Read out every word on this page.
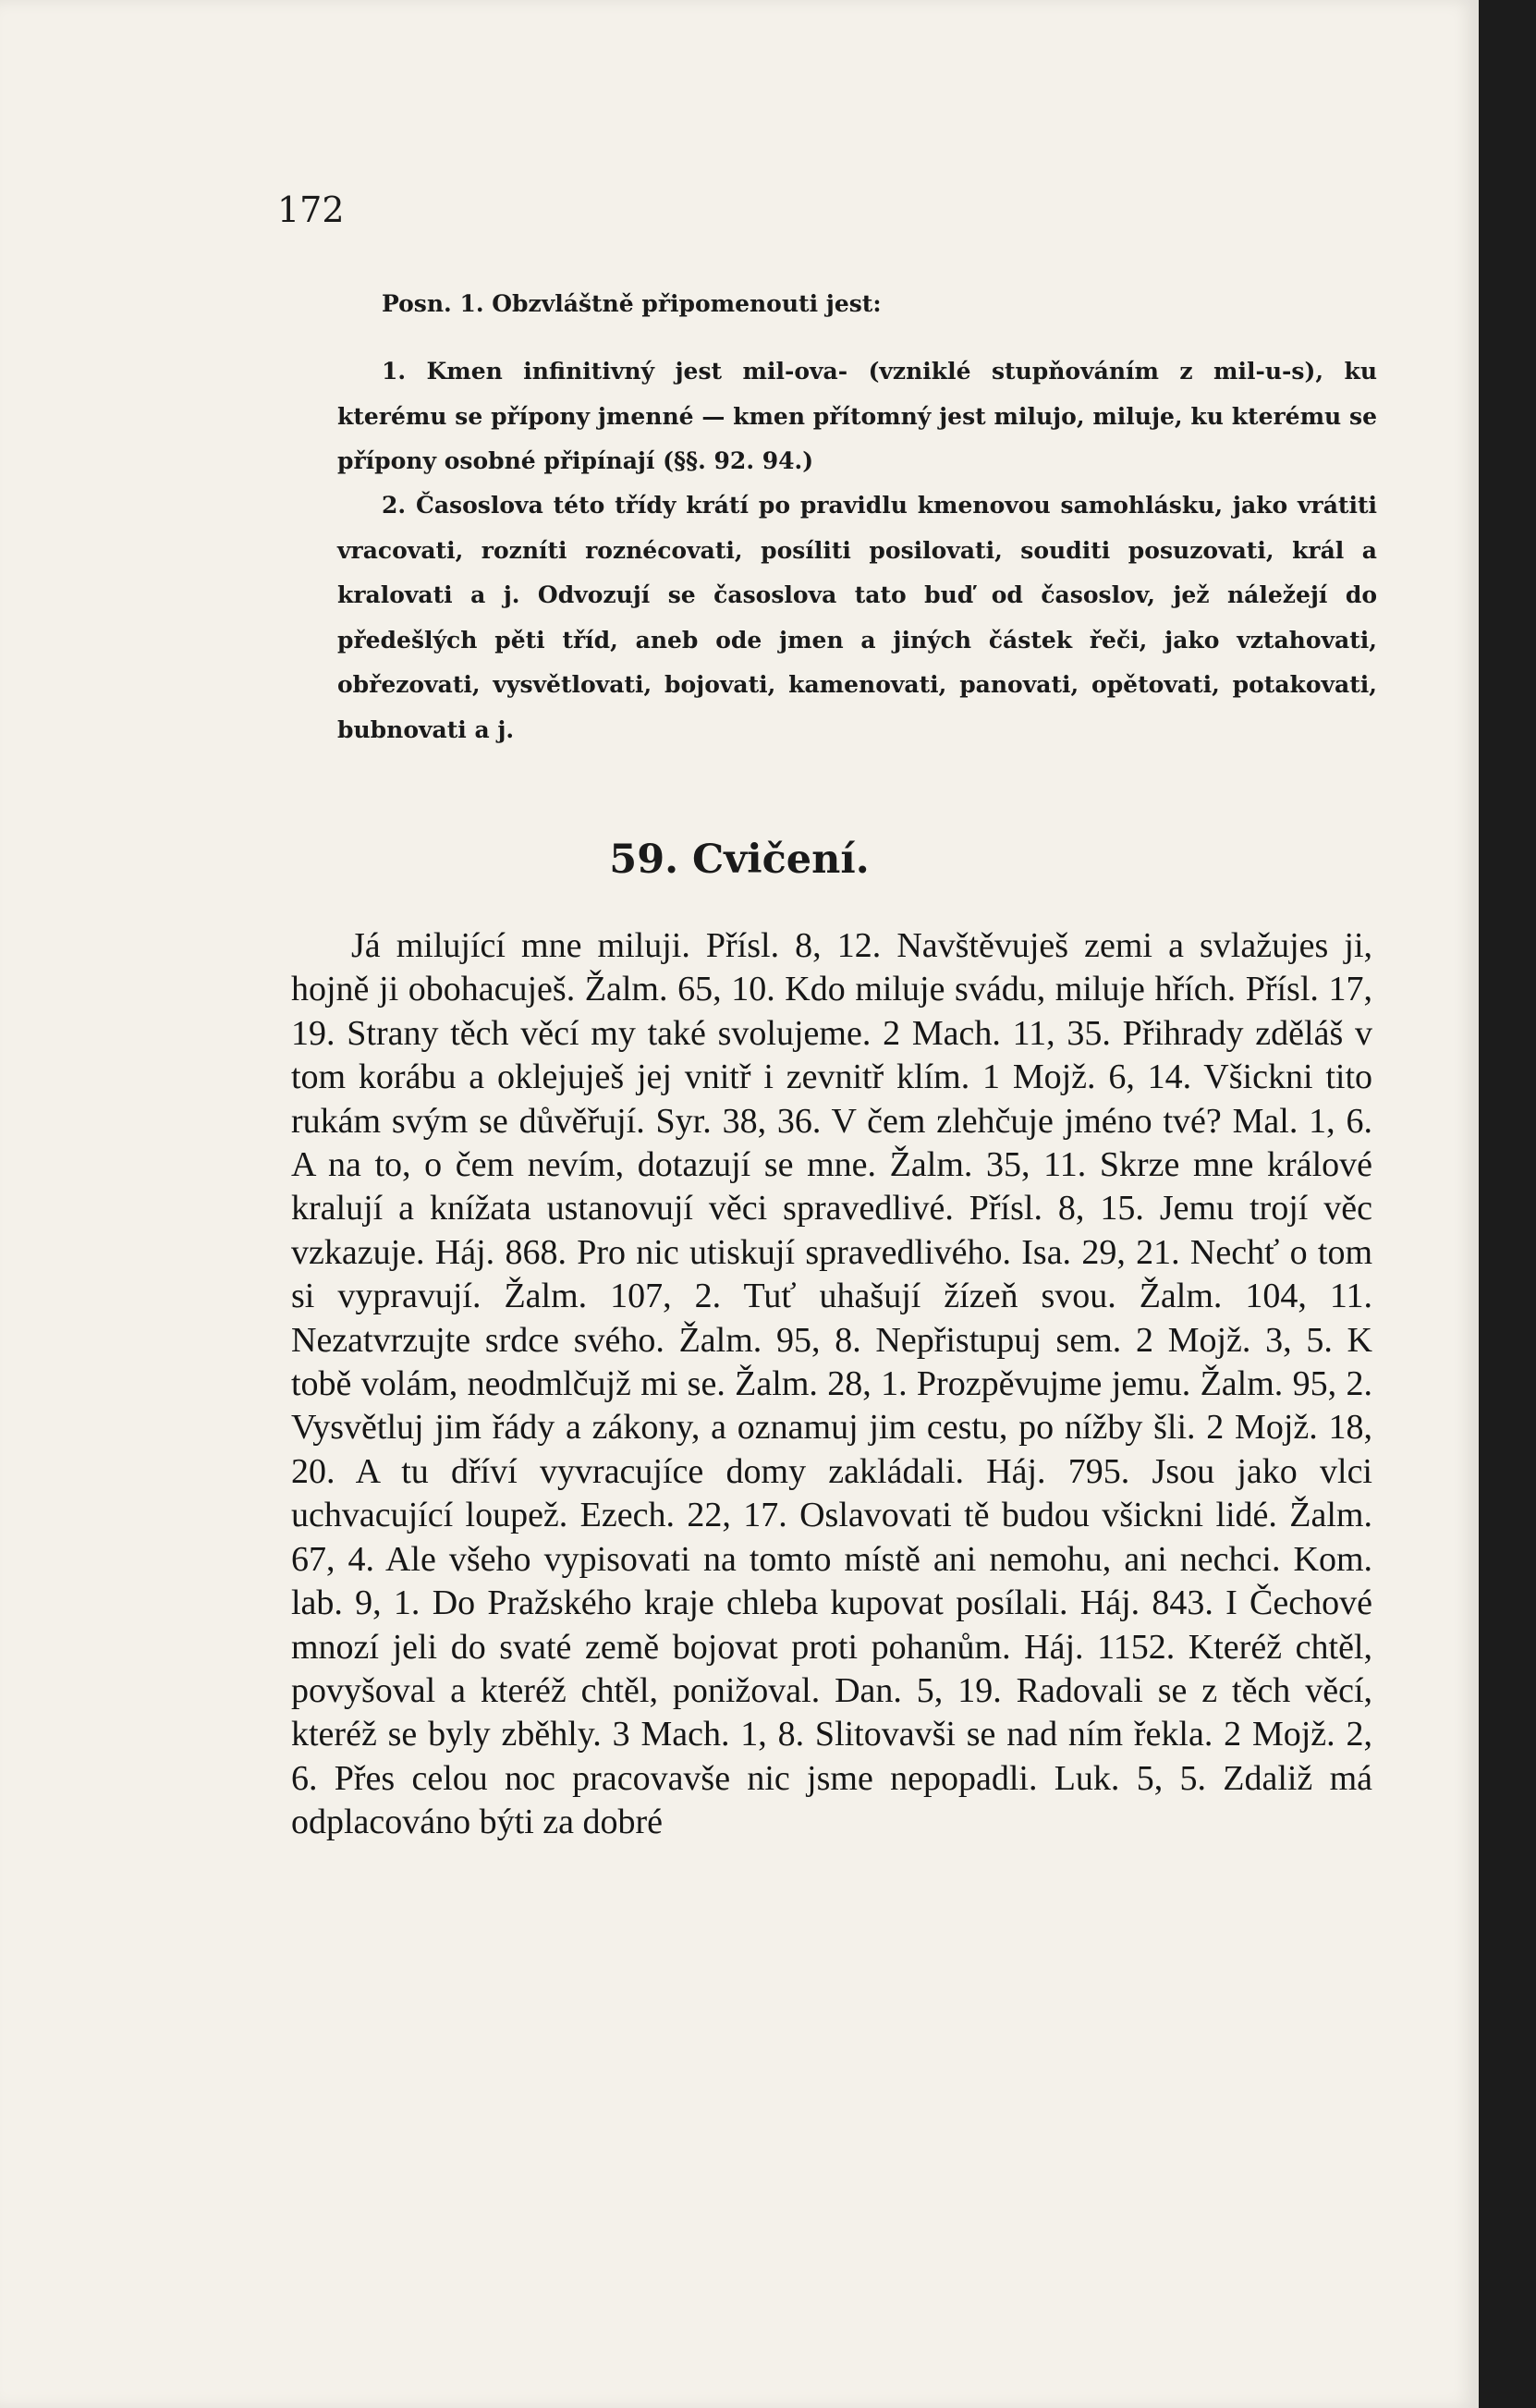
172

Posn. 1. Obzvláštně připomenouti jest:

1. Kmen infinitivný jest mil-ova- (vzniklé stupňováním z mil-u-s), ku kterému se přípony jmenné — kmen přítomný jest milujo, miluje, ku kterému se přípony osobné připínají (§§. 92. 94.)

2. Časoslova této třídy krátí po pravidlu kmenovou samohlásku, jako vrátiti vracovati, rozníti roznécovati, posíliti posilovati, souditi posuzovati, král a kralovati a j. Odvozují se časoslova tato buď od časoslov, jež náležejí do předešlých pěti tříd, aneb ode jmen a jiných částek řeči, jako vztahovati, obřezovati, vysvětlovati, bojovati, kamenovati, panovati, opětovati, potakovati, bubnovati a j.

59. Cvičení.

Já milující mne miluji. Přísl. 8, 12. Navštěvuješ zemi a svlažujes ji, hojně ji obohacuješ. Žalm. 65, 10. Kdo miluje svádu, miluje hřích. Přísl. 17, 19. Strany těch věcí my také svolujeme. 2 Mach. 11, 35. Přihrady zděláš v tom korábu a oklejuješ jej vnitř i zevnitř klím. 1 Mojž. 6, 14. Všickni tito rukám svým se důvěřují. Syr. 38, 36. V čem zlehčuje jméno tvé? Mal. 1, 6. A na to, o čem nevím, dotazují se mne. Žalm. 35, 11. Skrze mne králové kralují a knížata ustanovují věci spravedlivé. Přísl. 8, 15. Jemu trojí věc vzkazuje. Háj. 868. Pro nic utiskují spravedlivého. Isa. 29, 21. Nechť o tom si vypravují. Žalm. 107, 2. Tuť uhašují žízeň svou. Žalm. 104, 11. Nezatvrzujte srdce svého. Žalm. 95, 8. Nepřistupuj sem. 2 Mojž. 3, 5. K tobě volám, neodmlčujž mi se. Žalm. 28, 1. Prozpěvujme jemu. Žalm. 95, 2. Vysvětluj jim řády a zákony, a oznamuj jim cestu, po nížby šli. 2 Mojž. 18, 20. A tu dříví vyvracujíce domy zakládali. Háj. 795. Jsou jako vlci uchvacující loupež. Ezech. 22, 17. Oslavovati tě budou všickni lidé. Žalm. 67, 4. Ale všeho vypisovati na tomto místě ani nemohu, ani nechci. Kom. lab. 9, 1. Do Pražského kraje chleba kupovat posílali. Háj. 843. I Čechové mnozí jeli do svaté země bojovat proti pohanům. Háj. 1152. Kteréž chtěl, povyšoval a kteréž chtěl, ponižoval. Dan. 5, 19. Radovali se z těch věcí, kteréž se byly zběhly. 3 Mach. 1, 8. Slitovavši se nad ním řekla. 2 Mojž. 2, 6. Přes celou noc pracovavše nic jsme nepopadli. Luk. 5, 5. Zdaliž má odplacováno býti za dobré
